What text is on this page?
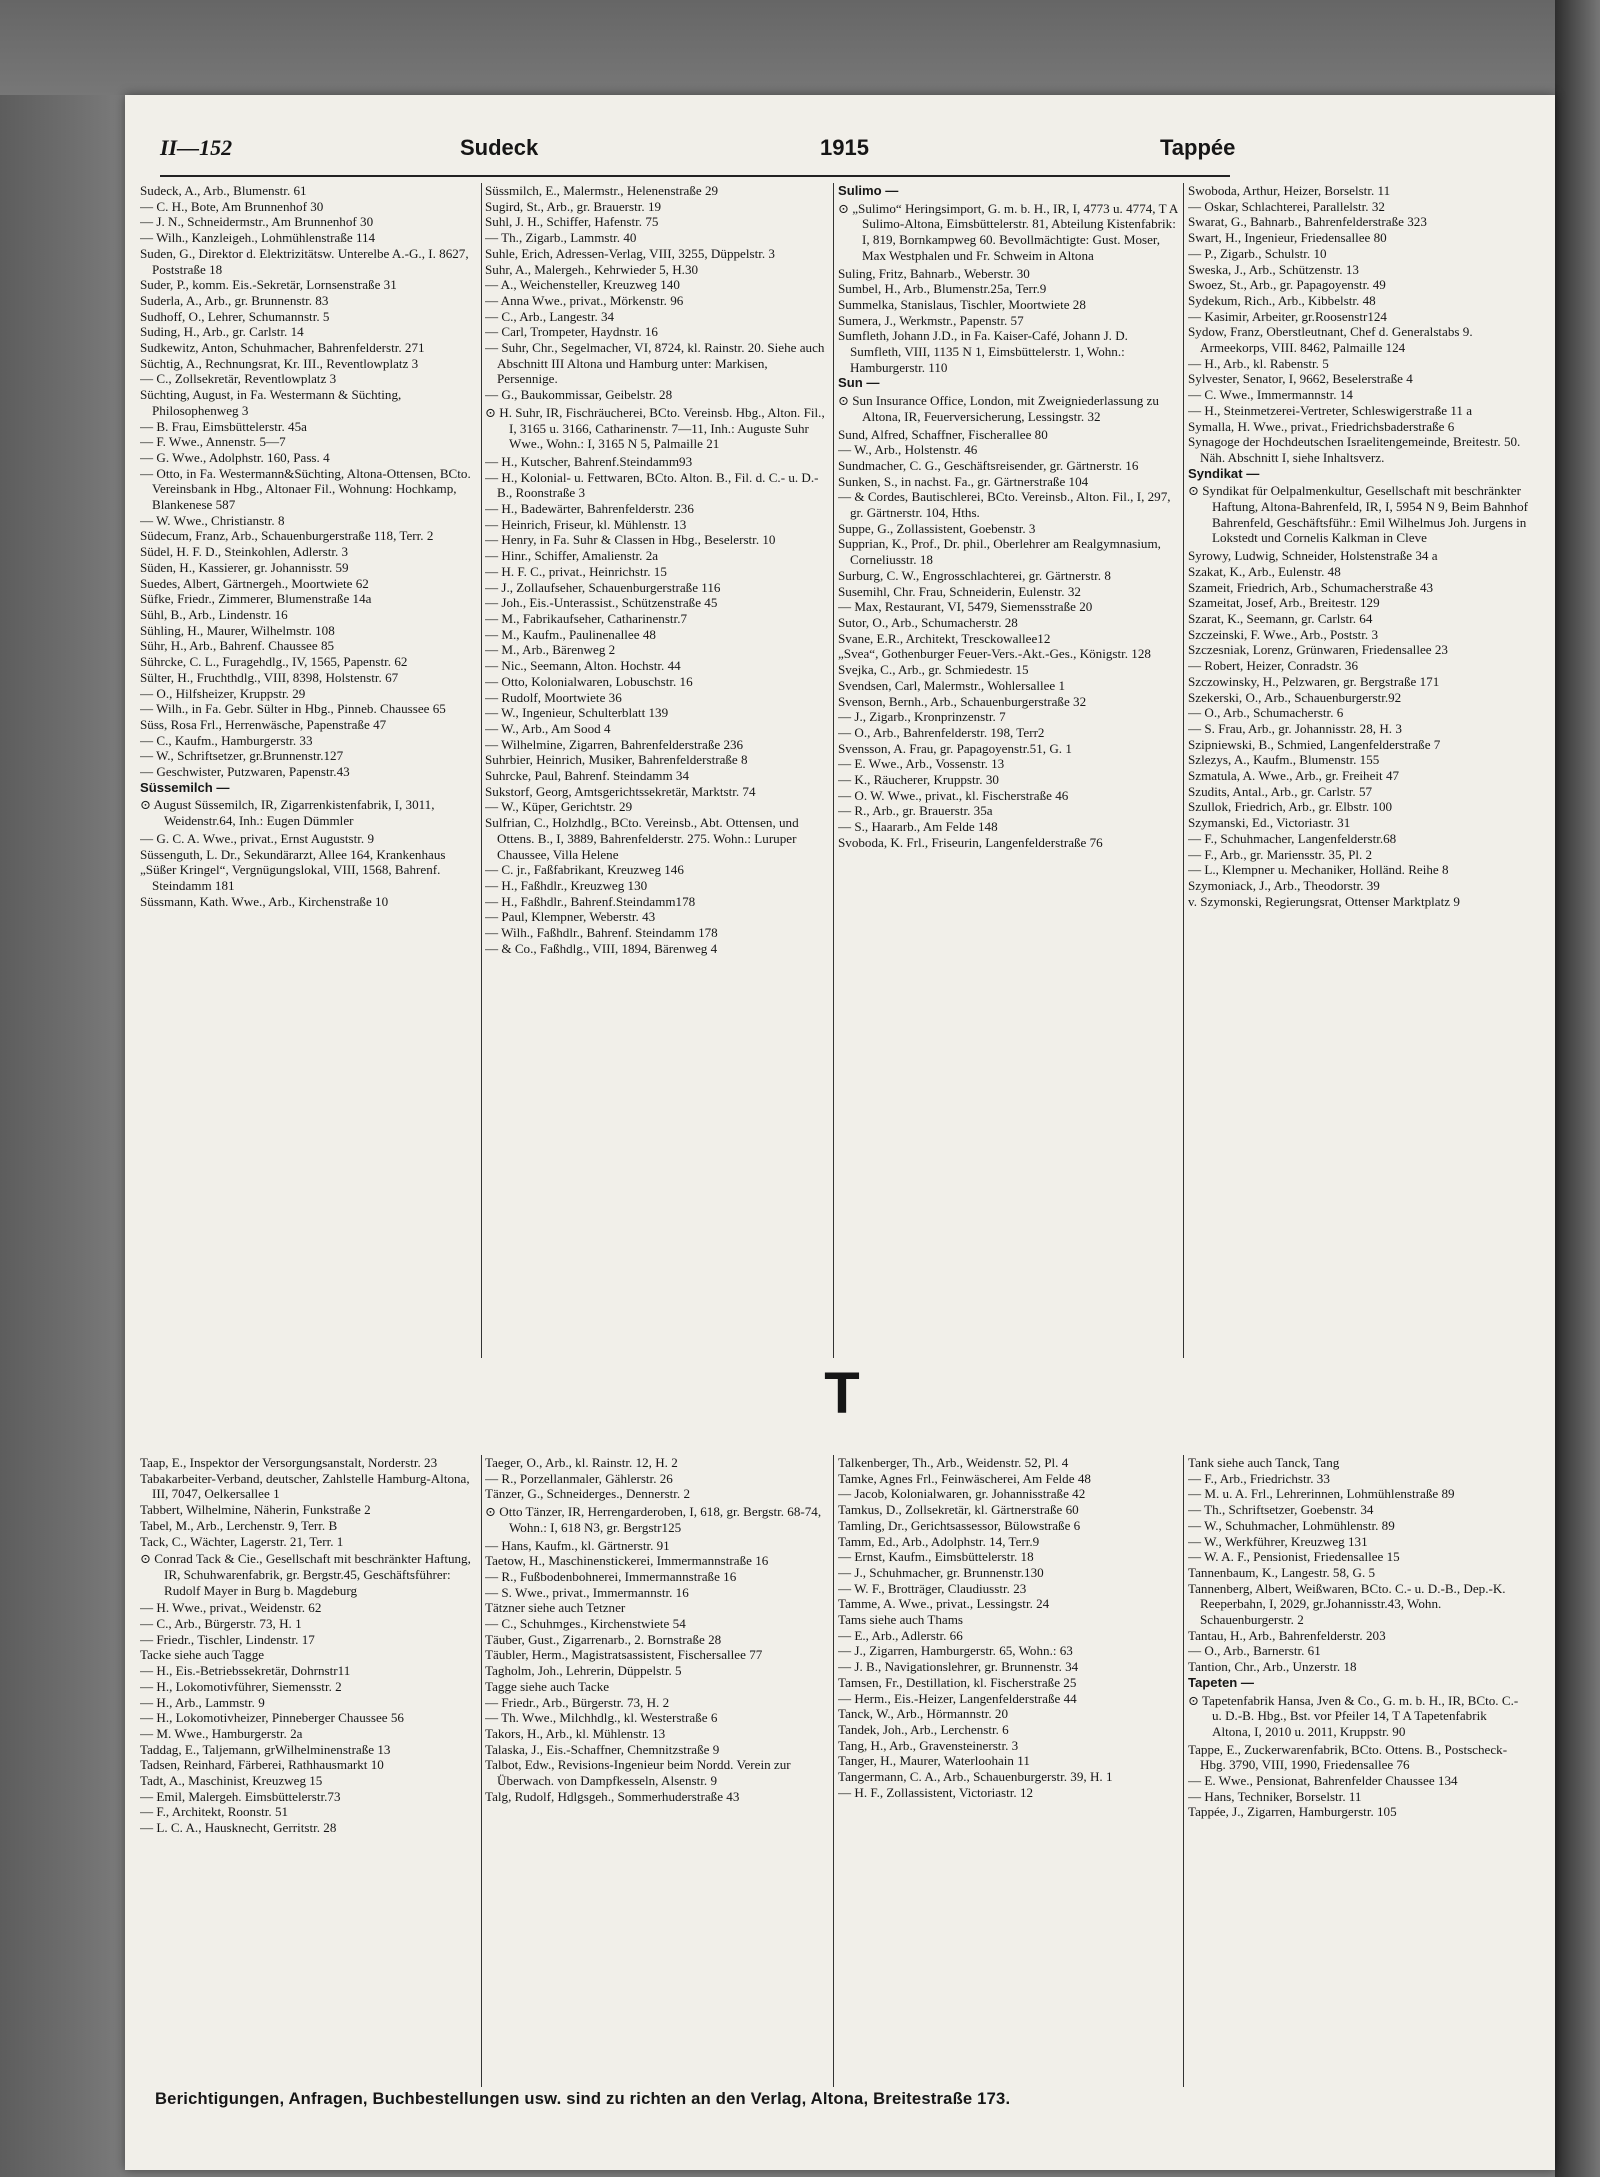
II—152	Sudeck	1915	Tappée

Sudeck, A., Arb., Blumenstr. 61

— C. H., Bote, Am Brunnenhof 30

— J. N., Schneidermstr., Am Brunnenhof 30

— Wilh., Kanzleigeh., Lohmühlenstraße 114

Suden, G., Direktor d. Elektrizitätsw. Unterelbe A.-G., I. 8627, Poststraße 18

Suder, P., komm. Eis.-Sekretär, Lornsenstraße 31

Suderla, A., Arb., gr. Brunnenstr. 83

Sudhoff, O., Lehrer, Schumannstr. 5

Suding, H., Arb., gr. Carlstr. 14

Sudkewitz, Anton, Schuhmacher, Bahrenfelderstr. 271

Süchtig, A., Rechnungsrat, Kr. III., Reventlowplatz 3

— C., Zollsekretär, Reventlowplatz 3

Süchting, August, in Fa. Westermann & Süchting, Philosophenweg 3

— B. Frau, Eimsbüttelerstr. 45a

— F. Wwe., Annenstr. 5—7

— G. Wwe., Adolphstr. 160, Pass. 4

— Otto, in Fa. Westermann&Süchting, Altona-Ottensen, BCto. Vereinsbank in Hbg., Altonaer Fil., Wohnung: Hochkamp, Blankenese 587

— W. Wwe., Christianstr. 8

Südecum, Franz, Arb., Schauenburgerstraße 118, Terr. 2

Südel, H. F. D., Steinkohlen, Adlerstr. 3

Süden, H., Kassierer, gr. Johannisstr. 59

Suedes, Albert, Gärtnergeh., Moortwiete 62

Süfke, Friedr., Zimmerer, Blumenstraße 14a

Sühl, B., Arb., Lindenstr. 16

Sühling, H., Maurer, Wilhelmstr. 108

Sühr, H., Arb., Bahrenf. Chaussee 85

Sührcke, C. L., Furagehdlg., IV, 1565, Papenstr. 62

Sülter, H., Fruchthdlg., VIII, 8398, Holstenstr. 67

— O., Hilfsheizer, Kruppstr. 29

— Wilh., in Fa. Gebr. Sülter in Hbg., Pinneb. Chaussee 65

Süss, Rosa Frl., Herrenwäsche, Papenstraße 47

— C., Kaufm., Hamburgerstr. 33

— W., Schriftsetzer, gr.Brunnenstr.127

— Geschwister, Putzwaren, Papenstr.43

Süssemilch —

⊙ August Süssemilch, IR, Zigarrenkistenfabrik, I, 3011, Weidenstr.64, Inh.: Eugen Dümmler

— G. C. A. Wwe., privat., Ernst Auguststr. 9

Süssenguth, L. Dr., Sekundärarzt, Allee 164, Krankenhaus

„Süßer Kringel“, Vergnügungslokal, VIII, 1568, Bahrenf. Steindamm 181

Süssmann, Kath. Wwe., Arb., Kirchenstraße 10

Süssmilch, E., Malermstr., Helenenstraße 29

Sugird, St., Arb., gr. Brauerstr. 19

Suhl, J. H., Schiffer, Hafenstr. 75

— Th., Zigarb., Lammstr. 40

Suhle, Erich, Adressen-Verlag, VIII, 3255, Düppelstr. 3

Suhr, A., Malergeh., Kehrwieder 5, H.30

— A., Weichensteller, Kreuzweg 140

— Anna Wwe., privat., Mörkenstr. 96

— C., Arb., Langestr. 34

— Carl, Trompeter, Haydnstr. 16

— Suhr, Chr., Segelmacher, VI, 8724, kl. Rainstr. 20. Siehe auch Abschnitt III Altona und Hamburg unter: Markisen, Persennige.

— G., Baukommissar, Geibelstr. 28

⊙ H. Suhr, IR, Fischräucherei, BCto. Vereinsb. Hbg., Alton. Fil., I, 3165 u. 3166, Catharinenstr. 7—11, Inh.: Auguste Suhr Wwe., Wohn.: I, 3165 N 5, Palmaille 21

— H., Kutscher, Bahrenf.Steindamm93

— H., Kolonial- u. Fettwaren, BCto. Alton. B., Fil. d. C.- u. D.-B., Roonstraße 3

— H., Badewärter, Bahrenfelderstr. 236

— Heinrich, Friseur, kl. Mühlenstr. 13

— Henry, in Fa. Suhr & Classen in Hbg., Beselerstr. 10

— Hinr., Schiffer, Amalienstr. 2a

— H. F. C., privat., Heinrichstr. 15

— J., Zollaufseher, Schauenburgerstraße 116

— Joh., Eis.-Unterassist., Schützenstraße 45

— M., Fabrikaufseher, Catharinenstr.7

— M., Kaufm., Paulinenallee 48

— M., Arb., Bärenweg 2

— Nic., Seemann, Alton. Hochstr. 44

— Otto, Kolonialwaren, Lobuschstr. 16

— Rudolf, Moortwiete 36

— W., Ingenieur, Schulterblatt 139

— W., Arb., Am Sood 4

— Wilhelmine, Zigarren, Bahrenfelderstraße 236

Suhrbier, Heinrich, Musiker, Bahrenfelderstraße 8

Suhrcke, Paul, Bahrenf. Steindamm 34

Sukstorf, Georg, Amtsgerichtssekretär, Marktstr. 74

— W., Küper, Gerichtstr. 29

Sulfrian, C., Holzhdlg., BCto. Vereinsb., Abt. Ottensen, und Ottens. B., I, 3889, Bahrenfelderstr. 275. Wohn.: Luruper Chaussee, Villa Helene

— C. jr., Faßfabrikant, Kreuzweg 146

— H., Faßhdlr., Kreuzweg 130

— H., Faßhdlr., Bahrenf.Steindamm178

— Paul, Klempner, Weberstr. 43

— Wilh., Faßhdlr., Bahrenf. Steindamm 178

— & Co., Faßhdlg., VIII, 1894, Bärenweg 4

Sulimo —

⊙ „Sulimo“ Heringsimport, G. m. b. H., IR, I, 4773 u. 4774, T A Sulimo-Altona, Eimsbüttelerstr. 81, Abteilung Kistenfabrik: I, 819, Bornkampweg 60. Bevollmächtigte: Gust. Moser, Max Westphalen und Fr. Schweim in Altona

Suling, Fritz, Bahnarb., Weberstr. 30

Sumbel, H., Arb., Blumenstr.25a, Terr.9

Summelka, Stanislaus, Tischler, Moortwiete 28

Sumera, J., Werkmstr., Papenstr. 57

Sumfleth, Johann J.D., in Fa. Kaiser-Café, Johann J. D. Sumfleth, VIII, 1135 N 1, Eimsbüttelerstr. 1, Wohn.: Hamburgerstr. 110

Sun —

⊙ Sun Insurance Office, London, mit Zweigniederlassung zu Altona, IR, Feuerversicherung, Lessingstr. 32

Sund, Alfred, Schaffner, Fischerallee 80

— W., Arb., Holstenstr. 46

Sundmacher, C. G., Geschäftsreisender, gr. Gärtnerstr. 16

Sunken, S., in nachst. Fa., gr. Gärtnerstraße 104

— & Cordes, Bautischlerei, BCto. Vereinsb., Alton. Fil., I, 297, gr. Gärtnerstr. 104, Hths.

Suppe, G., Zollassistent, Goebenstr. 3

Supprian, K., Prof., Dr. phil., Oberlehrer am Realgymnasium, Corneliusstr. 18

Surburg, C. W., Engrosschlachterei, gr. Gärtnerstr. 8

Susemihl, Chr. Frau, Schneiderin, Eulenstr. 32

— Max, Restaurant, VI, 5479, Siemensstraße 20

Sutor, O., Arb., Schumacherstr. 28

Svane, E.R., Architekt, Tresckowallee12

„Svea“, Gothenburger Feuer-Vers.-Akt.-Ges., Königstr. 128

Svejka, C., Arb., gr. Schmiedestr. 15

Svendsen, Carl, Malermstr., Wohlersallee 1

Svenson, Bernh., Arb., Schauenburgerstraße 32

— J., Zigarb., Kronprinzenstr. 7

— O., Arb., Bahrenfelderstr. 198, Terr2

Svensson, A. Frau, gr. Papagoyenstr.51, G. 1

— E. Wwe., Arb., Vossenstr. 13

— K., Räucherer, Kruppstr. 30

— O. W. Wwe., privat., kl. Fischerstraße 46

— R., Arb., gr. Brauerstr. 35a

— S., Haararb., Am Felde 148

Svoboda, K. Frl., Friseurin, Langenfelderstraße 76

Swoboda, Arthur, Heizer, Borselstr. 11

— Oskar, Schlachterei, Parallelstr. 32

Swarat, G., Bahnarb., Bahrenfelderstraße 323

Swart, H., Ingenieur, Friedensallee 80

— P., Zigarb., Schulstr. 10

Sweska, J., Arb., Schützenstr. 13

Swoez, St., Arb., gr. Papagoyenstr. 49

Sydekum, Rich., Arb., Kibbelstr. 48

— Kasimir, Arbeiter, gr.Roosenstr124

Sydow, Franz, Oberstleutnant, Chef d. Generalstabs 9. Armeekorps, VIII. 8462, Palmaille 124

— H., Arb., kl. Rabenstr. 5

Sylvester, Senator, I, 9662, Beselerstraße 4

— C. Wwe., Immermannstr. 14

— H., Steinmetzerei-Vertreter, Schleswigerstraße 11 a

Symalla, H. Wwe., privat., Friedrichsbaderstraße 6

Synagoge der Hochdeutschen Israelitengemeinde, Breitestr. 50. Näh. Abschnitt I, siehe Inhaltsverz.

Syndikat —

⊙ Syndikat für Oelpalmenkultur, Gesellschaft mit beschränkter Haftung, Altona-Bahrenfeld, IR, I, 5954 N 9, Beim Bahnhof Bahrenfeld, Geschäftsführ.: Emil Wilhelmus Joh. Jurgens in Lokstedt und Cornelis Kalkman in Cleve

Syrowy, Ludwig, Schneider, Holstenstraße 34 a

Szakat, K., Arb., Eulenstr. 48

Szameit, Friedrich, Arb., Schumacherstraße 43

Szameitat, Josef, Arb., Breitestr. 129

Szarat, K., Seemann, gr. Carlstr. 64

Szczeinski, F. Wwe., Arb., Poststr. 3

Szczesniak, Lorenz, Grünwaren, Friedensallee 23

— Robert, Heizer, Conradstr. 36

Szczowinsky, H., Pelzwaren, gr. Bergstraße 171

Szekerski, O., Arb., Schauenburgerstr.92

— O., Arb., Schumacherstr. 6

— S. Frau, Arb., gr. Johannisstr. 28, H. 3

Szipniewski, B., Schmied, Langenfelderstraße 7

Szlezys, A., Kaufm., Blumenstr. 155

Szmatula, A. Wwe., Arb., gr. Freiheit 47

Szudits, Antal., Arb., gr. Carlstr. 57

Szullok, Friedrich, Arb., gr. Elbstr. 100

Szymanski, Ed., Victoriastr. 31

— F., Schuhmacher, Langenfelderstr.68

— F., Arb., gr. Mariensstr. 35, Pl. 2

— L., Klempner u. Mechaniker, Holländ. Reihe 8

Szymoniack, J., Arb., Theodorstr. 39

v. Szymonski, Regierungsrat, Ottenser Marktplatz 9

T

Taap, E., Inspektor der Versorgungsanstalt, Norderstr. 23

Tabakarbeiter-Verband, deutscher, Zahlstelle Hamburg-Altona, III, 7047, Oelkersallee 1

Tabbert, Wilhelmine, Näherin, Funkstraße 2

Tabel, M., Arb., Lerchenstr. 9, Terr. B

Tack, C., Wächter, Lagerstr. 21, Terr. 1

⊙ Conrad Tack & Cie., Gesellschaft mit beschränkter Haftung, IR, Schuhwarenfabrik, gr. Bergstr.45, Geschäftsführer: Rudolf Mayer in Burg b. Magdeburg

— H. Wwe., privat., Weidenstr. 62

— C., Arb., Bürgerstr. 73, H. 1

— Friedr., Tischler, Lindenstr. 17

Tacke siehe auch Tagge

— H., Eis.-Betriebssekretär, Dohrnstr11

— H., Lokomotivführer, Siemensstr. 2

— H., Arb., Lammstr. 9

— H., Lokomotivheizer, Pinneberger Chaussee 56

— M. Wwe., Hamburgerstr. 2a

Taddag, E., Taljemann, grWilhelminenstraße 13

Tadsen, Reinhard, Färberei, Rathhausmarkt 10

Tadt, A., Maschinist, Kreuzweg 15

— Emil, Malergeh. Eimsbüttelerstr.73

— F., Architekt, Roonstr. 51

— L. C. A., Hausknecht, Gerritstr. 28

Taeger, O., Arb., kl. Rainstr. 12, H. 2

— R., Porzellanmaler, Gählerstr. 26

Tänzer, G., Schneiderges., Dennerstr. 2

⊙ Otto Tänzer, IR, Herrengarderoben, I, 618, gr. Bergstr. 68-74, Wohn.: I, 618 N3, gr. Bergstr125

— Hans, Kaufm., kl. Gärtnerstr. 91

Taetow, H., Maschinenstickerei, Immermannstraße 16

— R., Fußbodenbohnerei, Immermannstraße 16

— S. Wwe., privat., Immermannstr. 16

Tätzner siehe auch Tetzner

— C., Schuhmges., Kirchenstwiete 54

Täuber, Gust., Zigarrenarb., 2. Bornstraße 28

Täubler, Herm., Magistratsassistent, Fischersallee 77

Tagholm, Joh., Lehrerin, Düppelstr. 5

Tagge siehe auch Tacke

— Friedr., Arb., Bürgerstr. 73, H. 2

— Th. Wwe., Milchhdlg., kl. Westerstraße 6

Takors, H., Arb., kl. Mühlenstr. 13

Talaska, J., Eis.-Schaffner, Chemnitzstraße 9

Talbot, Edw., Revisions-Ingenieur beim Nordd. Verein zur Überwach. von Dampfkesseln, Alsenstr. 9

Talg, Rudolf, Hdlgsgeh., Sommerhuderstraße 43

Talkenberger, Th., Arb., Weidenstr. 52, Pl. 4

Tamke, Agnes Frl., Feinwäscherei, Am Felde 48

— Jacob, Kolonialwaren, gr. Johannisstraße 42

Tamkus, D., Zollsekretär, kl. Gärtnerstraße 60

Tamling, Dr., Gerichtsassessor, Bülowstraße 6

Tamm, Ed., Arb., Adolphstr. 14, Terr.9

— Ernst, Kaufm., Eimsbüttelerstr. 18

— J., Schuhmacher, gr. Brunnenstr.130

— W. F., Brotträger, Claudiusstr. 23

Tamme, A. Wwe., privat., Lessingstr. 24

Tams siehe auch Thams

— E., Arb., Adlerstr. 66

— J., Zigarren, Hamburgerstr. 65, Wohn.: 63

— J. B., Navigationslehrer, gr. Brunnenstr. 34

Tamsen, Fr., Destillation, kl. Fischerstraße 25

— Herm., Eis.-Heizer, Langenfelderstraße 44

Tanck, W., Arb., Hörmannstr. 20

Tandek, Joh., Arb., Lerchenstr. 6

Tang, H., Arb., Gravensteinerstr. 3

Tanger, H., Maurer, Waterloohain 11

Tangermann, C. A., Arb., Schauenburgerstr. 39, H. 1

— H. F., Zollassistent, Victoriastr. 12

Tank siehe auch Tanck, Tang

— F., Arb., Friedrichstr. 33

— M. u. A. Frl., Lehrerinnen, Lohmühlenstraße 89

— Th., Schriftsetzer, Goebenstr. 34

— W., Schuhmacher, Lohmühlenstr. 89

— W., Werkführer, Kreuzweg 131

— W. A. F., Pensionist, Friedensallee 15

Tannenbaum, K., Langestr. 58, G. 5

Tannenberg, Albert, Weißwaren, BCto. C.- u. D.-B., Dep.-K. Reeperbahn, I, 2029, gr.Johannisstr.43, Wohn. Schauenburgerstr. 2

Tantau, H., Arb., Bahrenfelderstr. 203

— O., Arb., Barnerstr. 61

Tantion, Chr., Arb., Unzerstr. 18

Tapeten —

⊙ Tapetenfabrik Hansa, Jven & Co., G. m. b. H., IR, BCto. C.- u. D.-B. Hbg., Bst. vor Pfeiler 14, T A Tapetenfabrik Altona, I, 2010 u. 2011, Kruppstr. 90

Tappe, E., Zuckerwarenfabrik, BCto. Ottens. B., Postscheck-Hbg. 3790, VIII, 1990, Friedensallee 76

— E. Wwe., Pensionat, Bahrenfelder Chaussee 134

— Hans, Techniker, Borselstr. 11

Tappée, J., Zigarren, Hamburgerstr. 105

Berichtigungen, Anfragen, Buchbestellungen usw. sind zu richten an den Verlag, Altona, Breitestraße 173.
